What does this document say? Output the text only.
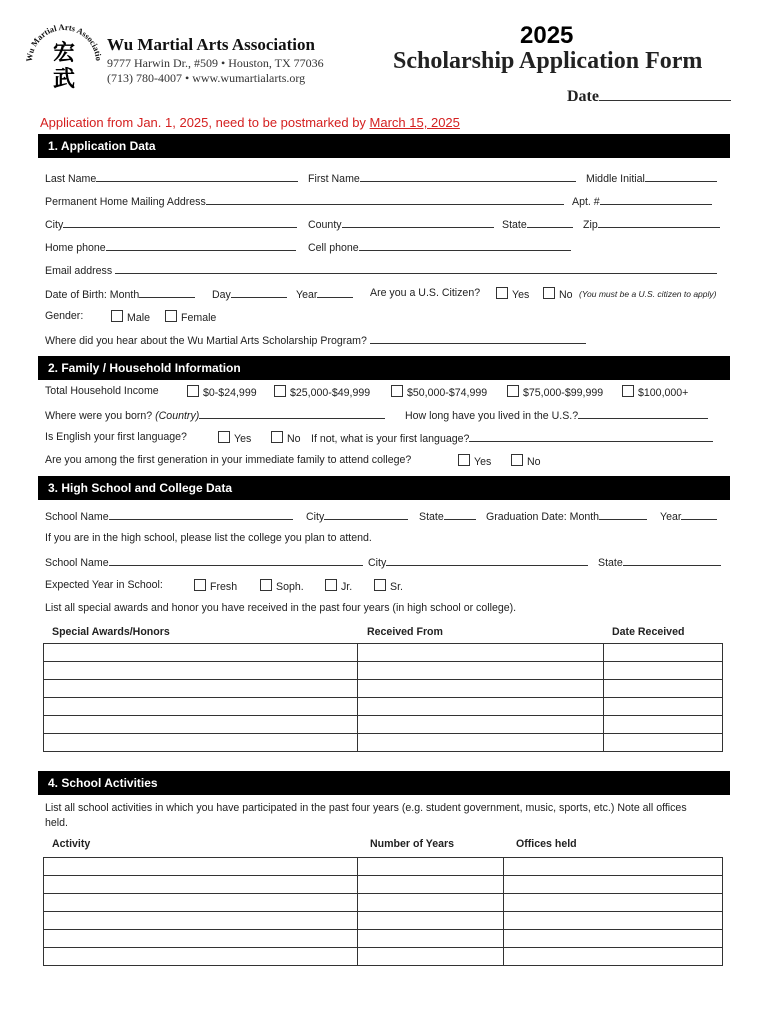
Wu Martial Arts Associatio
宏
武
Wu Martial Arts Association
9777 Harwin Dr., #509 • Houston, TX 77036
(713) 780-4007 • www.wumartialarts.org
2025
Scholarship Application Form
Date
Application from Jan. 1, 2025, need to be postmarked by March 15, 2025
1. Application Data
Last Name	First Name	Middle Initial
Permanent Home Mailing Address	Apt. #
City	County	State	Zip
Home phone	Cell phone
Email address
Date of Birth: Month	Day	Year	Are you a U.S. Citizen?	Yes	No (You must be a U.S. citizen to apply)
Gender:	Male	Female
Where did you hear about the Wu Martial Arts Scholarship Program?
2. Family / Household Information
Total Household Income	$0-$24,999	$25,000-$49,999	$50,000-$74,999	$75,000-$99,999	$100,000+
Where were you born? (Country)	How long have you lived in the U.S.?
Is English your first language?	Yes	No If not, what is your first language?
Are you among the first generation in your immediate family to attend college?	Yes	No
3. High School and College Data
School Name	City	State	Graduation Date: Month	Year
If you are in the high school, please list the college you plan to attend.
School Name	City	State
Expected Year in School:	Fresh	Soph.	Jr.	Sr.
List all special awards and honor you have received in the past four years (in high school or college).
Special Awards/Honors	Received From	Date Received

4. School Activities
List all school activities in which you have participated in the past four years (e.g. student government, music, sports, etc.) Note all offices held.
Activity	Number of Years	Offices held
